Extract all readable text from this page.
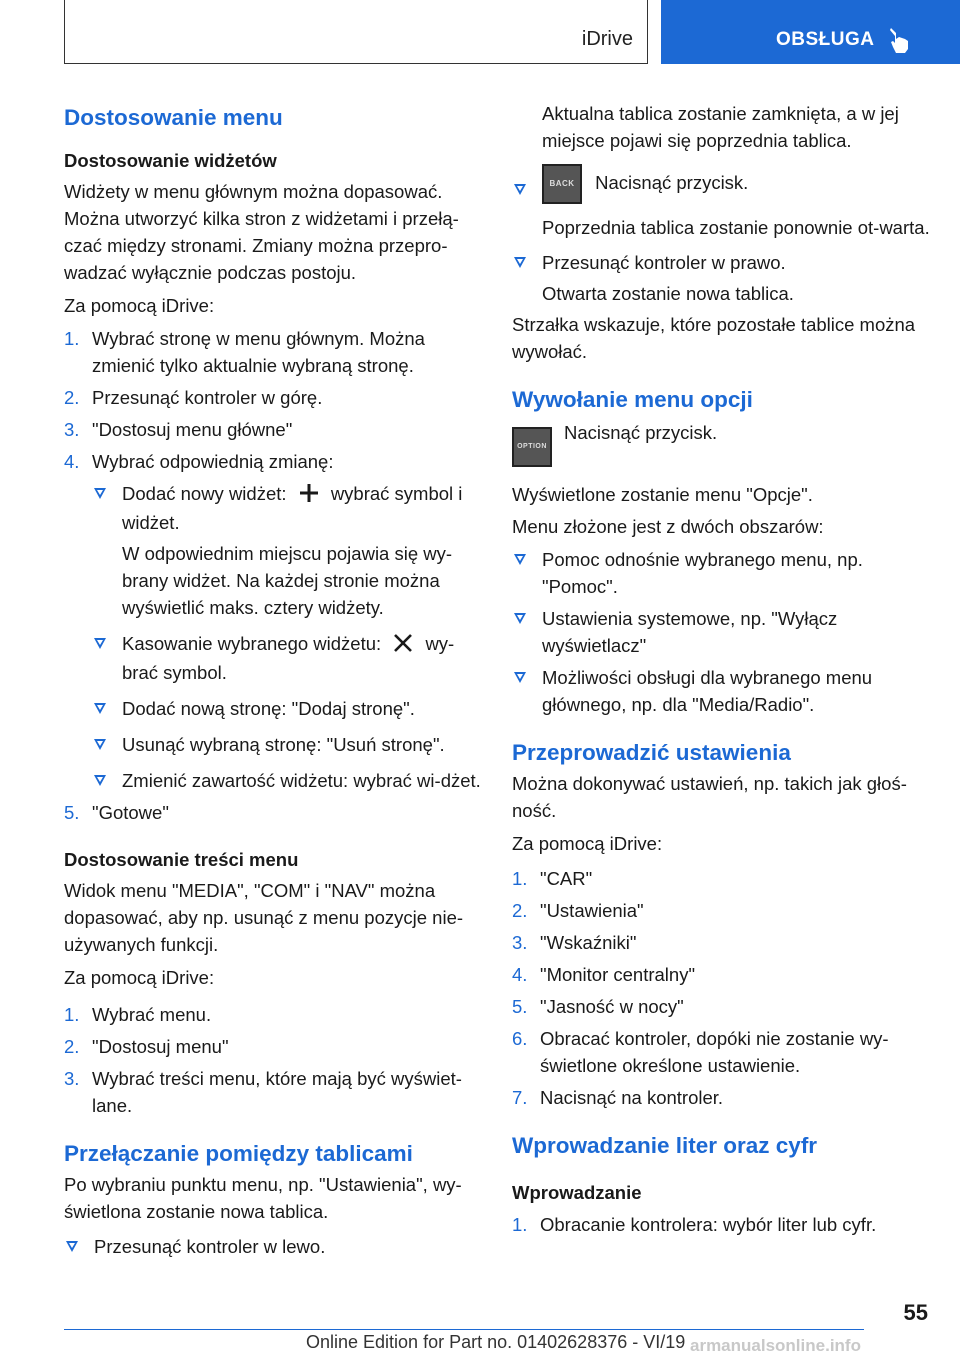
iDrive	OBSŁUGA

Dostosowanie menu

Dostosowanie widżetów

Widżety w menu głównym można dopasować. Można utworzyć kilka stron z widżetami i przełą‐czać między stronami. Zmiany można przepro‐wadzać wyłącznie podczas postoju.

Za pomocą iDrive:

1. Wybrać stronę w menu głównym. Można zmienić tylko aktualnie wybraną stronę.
2. Przesunąć kontroler w górę.
3. "Dostosuj menu główne"
4. Wybrać odpowiednią zmianę:
Dodać nowy widżet: wybrać symbol i widżet.

W odpowiednim miejscu pojawia się wy‐brany widżet. Na każdej stronie można wyświetlić maks. cztery widżety.

Kasowanie wybranego widżetu: wy‐brać symbol.
Dodać nową stronę: "Dodaj stronę".
Usunąć wybraną stronę: "Usuń stronę".
Zmienić zawartość widżetu: wybrać wi‐dżet.
5. "Gotowe"

Dostosowanie treści menu

Widok menu "MEDIA", "COM" i "NAV" można dopasować, aby np. usunąć z menu pozycje nie‐używanych funkcji.

Za pomocą iDrive:

1. Wybrać menu.
2. "Dostosuj menu"
3. Wybrać treści menu, które mają być wyświet‐lane.

Przełączanie pomiędzy tablicami

Po wybraniu punktu menu, np. "Ustawienia", wy‐świetlona zostanie nowa tablica.

Przesunąć kontroler w lewo.

Aktualna tablica zostanie zamknięta, a w jej miejsce pojawi się poprzednia tablica.

BACK Nacisnąć przycisk.

Poprzednia tablica zostanie ponownie ot‐warta.

Przesunąć kontroler w prawo.

Otwarta zostanie nowa tablica.

Strzałka wskazuje, które pozostałe tablice można wywołać.

Wywołanie menu opcji

OPTION

Nacisnąć przycisk.

Wyświetlone zostanie menu "Opcje".

Menu złożone jest z dwóch obszarów:

Pomoc odnośnie wybranego menu, np. "Pomoc".
Ustawienia systemowe, np. "Wyłącz wyświetlacz"
Możliwości obsługi dla wybranego menu głównego, np. dla "Media/Radio".

Przeprowadzić ustawienia

Można dokonywać ustawień, np. takich jak głoś‐ność.

Za pomocą iDrive:

1. "CAR"
2. "Ustawienia"
3. "Wskaźniki"
4. "Monitor centralny"
5. "Jasność w nocy"
6. Obracać kontroler, dopóki nie zostanie wy‐świetlone określone ustawienie.
7. Nacisnąć na kontroler.

Wprowadzanie liter oraz cyfr

Wprowadzanie

1. Obracanie kontrolera: wybór liter lub cyfr.
55
Online Edition for Part no. 01402628376 - VI/19 armanualsonline.info
